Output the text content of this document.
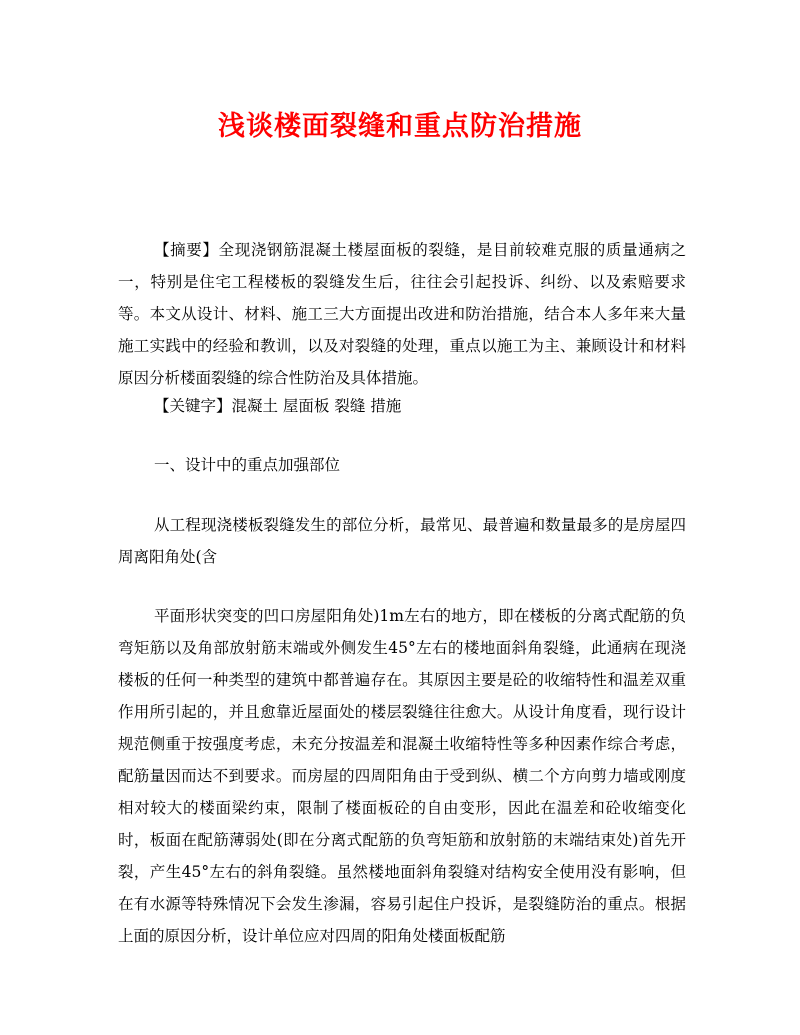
浅谈楼面裂缝和重点防治措施

【摘要】全现浇钢筋混凝土楼屋面板的裂缝，是目前较难克服的质量通病之一，特别是住宅工程楼板的裂缝发生后，往往会引起投诉、纠纷、以及索赔要求等。本文从设计、材料、施工三大方面提出改进和防治措施，结合本人多年来大量施工实践中的经验和教训，以及对裂缝的处理，重点以施工为主、兼顾设计和材料原因分析楼面裂缝的综合性防治及具体措施。

【关键字】混凝土 屋面板 裂缝 措施

一、设计中的重点加强部位

从工程现浇楼板裂缝发生的部位分析，最常见、最普遍和数量最多的是房屋四周离阳角处(含

平面形状突变的凹口房屋阳角处)1m左右的地方，即在楼板的分离式配筋的负弯矩筋以及角部放射筋末端或外侧发生45°左右的楼地面斜角裂缝，此通病在现浇楼板的任何一种类型的建筑中都普遍存在。其原因主要是砼的收缩特性和温差双重作用所引起的，并且愈靠近屋面处的楼层裂缝往往愈大。从设计角度看，现行设计规范侧重于按强度考虑，未充分按温差和混凝土收缩特性等多种因素作综合考虑，配筋量因而达不到要求。而房屋的四周阳角由于受到纵、横二个方向剪力墙或刚度相对较大的楼面梁约束，限制了楼面板砼的自由变形，因此在温差和砼收缩变化时，板面在配筋薄弱处(即在分离式配筋的负弯矩筋和放射筋的末端结束处)首先开裂，产生45°左右的斜角裂缝。虽然楼地面斜角裂缝对结构安全使用没有影响，但在有水源等特殊情况下会发生渗漏，容易引起住户投诉，是裂缝防治的重点。根据上面的原因分析，设计单位应对四周的阳角处楼面板配筋
